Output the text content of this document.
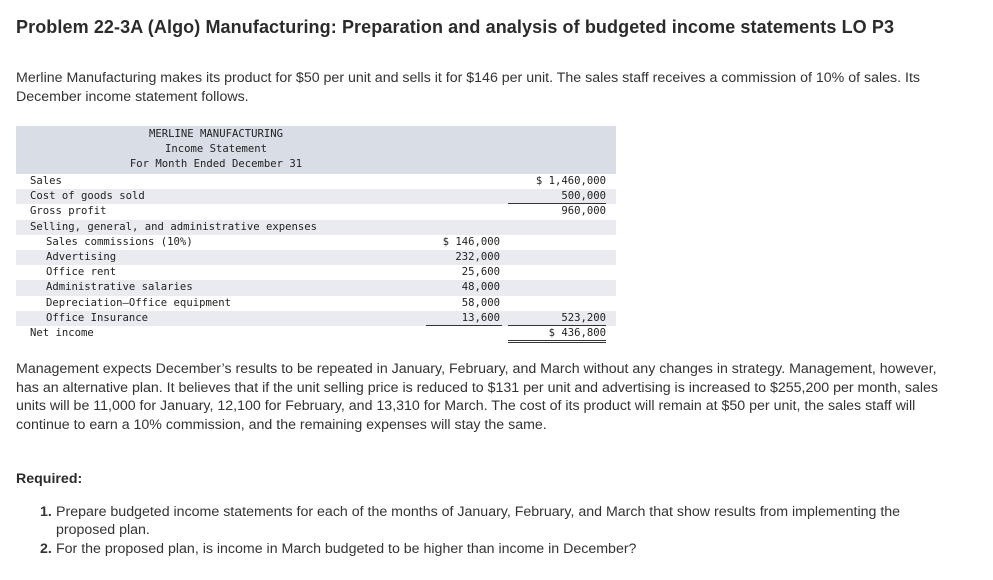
Problem 22-3A (Algo) Manufacturing: Preparation and analysis of budgeted income statements LO P3
Merline Manufacturing makes its product for $50 per unit and sells it for $146 per unit. The sales staff receives a commission of 10% of sales. Its December income statement follows.
MERLINE MANUFACTURING
Income Statement
For Month Ended December 31
Sales	$ 1,460,000
Cost of goods sold	500,000
Gross profit	960,000
Selling, general, and administrative expenses
Sales commissions (10%)	$ 146,000
Advertising	232,000
Office rent	25,600
Administrative salaries	48,000
Depreciation—Office equipment	58,000
Office Insurance	13,600	523,200
Net income	$ 436,800
Management expects December’s results to be repeated in January, February, and March without any changes in strategy. Management, however, has an alternative plan. It believes that if the unit selling price is reduced to $131 per unit and advertising is increased to $255,200 per month, sales units will be 11,000 for January, 12,100 for February, and 13,310 for March. The cost of its product will remain at $50 per unit, the sales staff will continue to earn a 10% commission, and the remaining expenses will stay the same.
Required:
1. Prepare budgeted income statements for each of the months of January, February, and March that show results from implementing the proposed plan.
2. For the proposed plan, is income in March budgeted to be higher than income in December?
